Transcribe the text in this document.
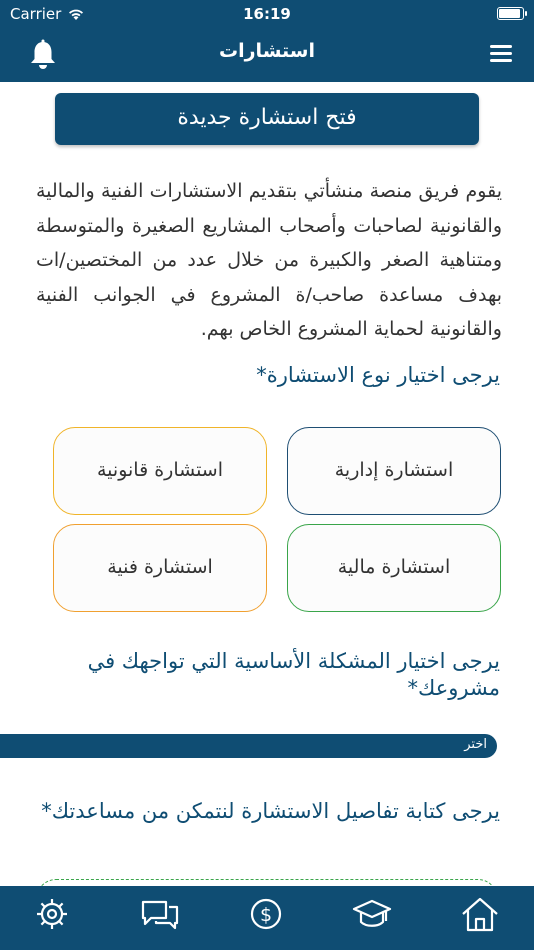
Carrier	16:19
استشارات
فتح استشارة جديدة
يقوم فريق منصة منشأتي بتقديم الاستشارات الفنية والمالية والقانونية لصاحبات وأصحاب المشاريع الصغيرة والمتوسطة ومتناهية الصغر والكبيرة من خلال عدد من المختصين/ات بهدف مساعدة صاحب/ة المشروع في الجوانب الفنية والقانونية لحماية المشروع الخاص بهم.
يرجى اختيار نوع الاستشارة*
استشارة إدارية
استشارة قانونية
استشارة مالية
استشارة فنية
يرجى اختيار المشكلة الأساسية التي تواجهك في مشروعك*
اختر
يرجى كتابة تفاصيل الاستشارة لنتمكن من مساعدتك*
$
